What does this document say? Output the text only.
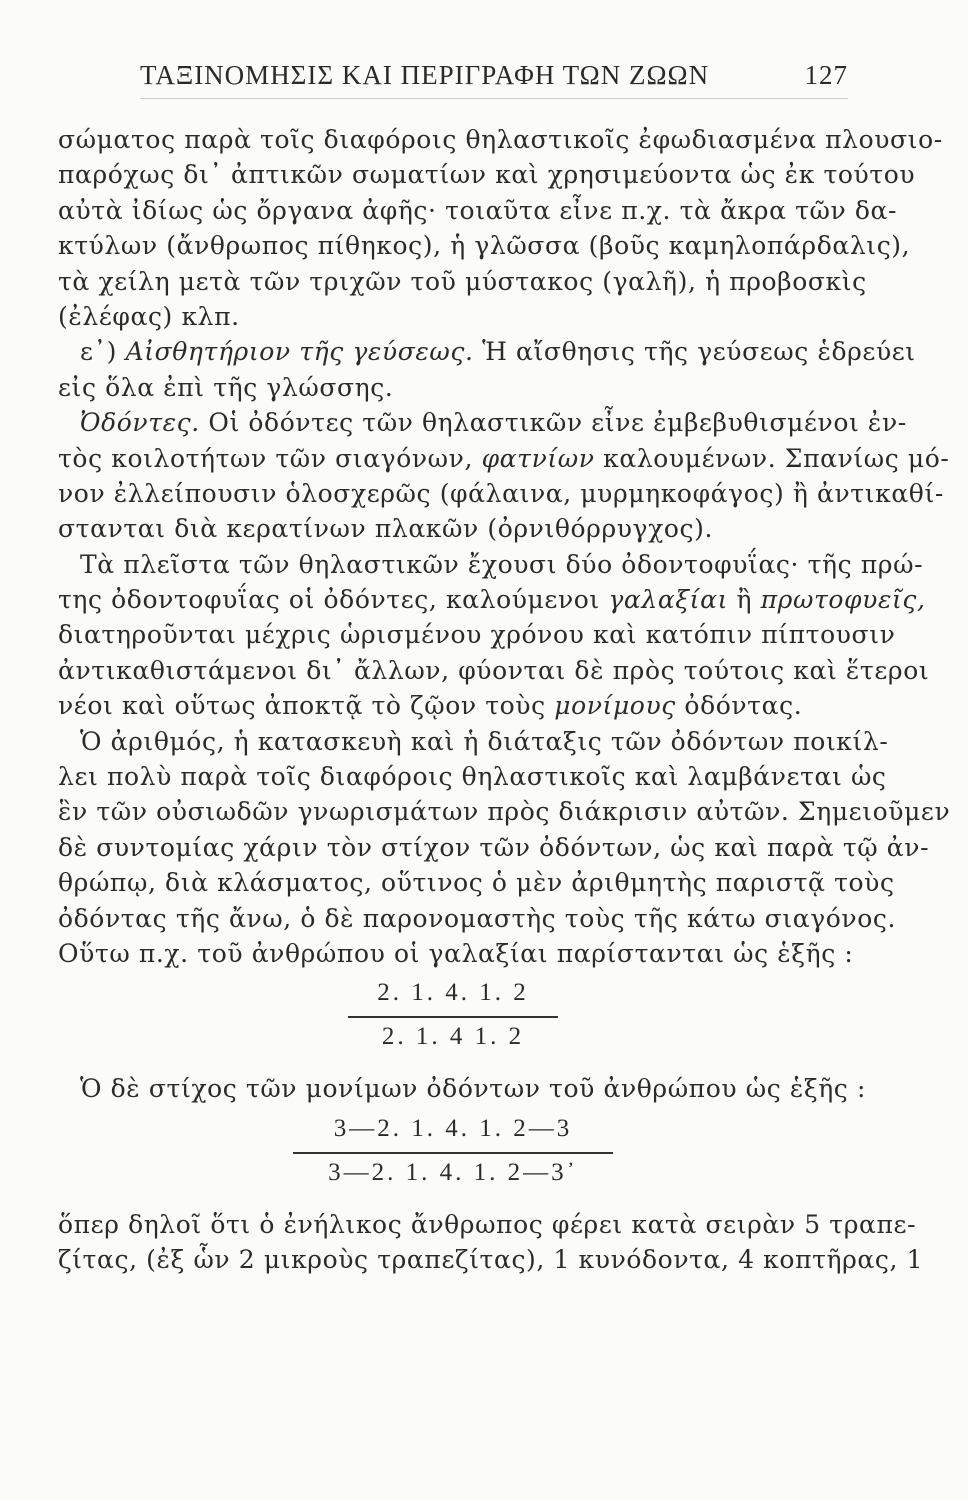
ΤΑΞΙΝΟΜΗΣΙΣ ΚΑΙ ΠΕΡΙΓΡΑΦΗ ΤΩΝ ΖΩΩΝ	127
σώματος παρὰ τοῖς διαφόροις θηλαστικοῖς ἐφωδιασμένα πλουσιο-
παρόχως δι᾽ ἀπτικῶν σωματίων καὶ χρησιμεύοντα ὡς ἐκ τούτου
αὐτὰ ἰδίως ὡς ὄργανα ἀφῆς· τοιαῦτα εἶνε π.χ. τὰ ἄκρα τῶν δα-
κτύλων (ἄνθρωπος πίθηκος), ἡ γλῶσσα (βοῦς καμηλοπάρδαλις),
τὰ χείλη μετὰ τῶν τριχῶν τοῦ μύστακος (γαλῆ), ἡ προβοσκὶς
(ἐλέφας) κλπ.
ε᾽) Αἰσθητήριον τῆς γεύσεως. Ἡ αἴσθησις τῆς γεύσεως ἑδρεύει
εἰς ὅλα ἐπὶ τῆς γλώσσης.
Ὀδόντες. Οἱ ὀδόντες τῶν θηλαστικῶν εἶνε ἐμβεβυθισμένοι ἐν-
τὸς κοιλοτήτων τῶν σιαγόνων, φατνίων καλουμένων. Σπανίως μό-
νον ἐλλείπουσιν ὁλοσχερῶς (φάλαινα, μυρμηκοφάγος) ἢ ἀντικαθί-
στανται διὰ κερατίνων πλακῶν (ὀρνιθόρρυγχος).
Τὰ πλεῖστα τῶν θηλαστικῶν ἔχουσι δύο ὀδοντοφυΐας· τῆς πρώ-
της ὀδοντοφυΐας οἱ ὀδόντες, καλούμενοι γαλαξίαι ἢ πρωτοφυεῖς,
διατηροῦνται μέχρις ὡρισμένου χρόνου καὶ κατόπιν πίπτουσιν
ἀντικαθιστάμενοι δι᾽ ἄλλων, φύονται δὲ πρὸς τούτοις καὶ ἕτεροι
νέοι καὶ οὕτως ἀποκτᾷ τὸ ζῷον τοὺς μονίμους ὀδόντας.
Ὁ ἀριθμός, ἡ κατασκευὴ καὶ ἡ διάταξις τῶν ὀδόντων ποικίλ-
λει πολὺ παρὰ τοῖς διαφόροις θηλαστικοῖς καὶ λαμβάνεται ὡς
ἓν τῶν οὐσιωδῶν γνωρισμάτων πρὸς διάκρισιν αὐτῶν. Σημειοῦμεν
δὲ συντομίας χάριν τὸν στίχον τῶν ὀδόντων, ὡς καὶ παρὰ τῷ ἀν-
θρώπῳ, διὰ κλάσματος, οὕτινος ὁ μὲν ἀριθμητὴς παριστᾷ τοὺς
ὀδόντας τῆς ἄνω, ὁ δὲ παρονομαστὴς τοὺς τῆς κάτω σιαγόνος.
Οὕτω π.χ. τοῦ ἀνθρώπου οἱ γαλαξίαι παρίστανται ὡς ἑξῆς :
2. 1. 4. 1. 2
2. 1. 4 1. 2
Ὁ δὲ στίχος τῶν μονίμων ὀδόντων τοῦ ἀνθρώπου ὡς ἑξῆς :
3—2. 1. 4. 1. 2—3
3—2. 1. 4. 1. 2—3᾽
ὅπερ δηλοῖ ὅτι ὁ ἐνήλικος ἄνθρωπος φέρει κατὰ σειρὰν 5 τραπε-
ζίτας, (ἐξ ὧν 2 μικροὺς τραπεζίτας), 1 κυνόδοντα, 4 κοπτῆρας, 1
